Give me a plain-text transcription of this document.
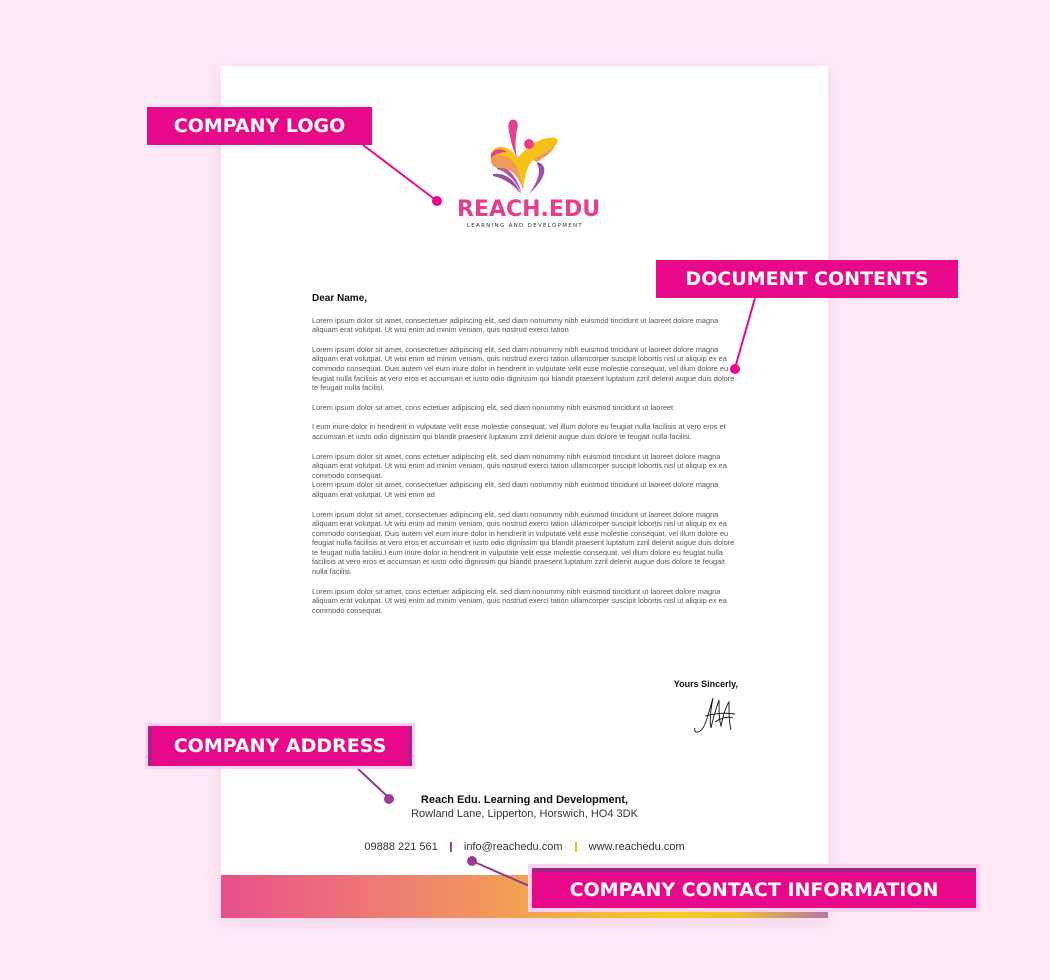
REACH.EDU
LEARNING AND DEVELOPMENT
Dear Name,

Lorem ipsum dolor sit amet, consectetuer adipiscing elit, sed diam nonummy nibh euismod tincidunt ut laoreet dolore magna aliquam erat volutpat. Ut wisi enim ad minim veniam, quis nostrud exerci tation

Lorem ipsum dolor sit amet, consectetuer adipiscing elit, sed diam nonummy nibh euismod tincidunt ut laoreet dolore magna aliquam erat volutpat. Ut wisi enim ad minim veniam, quis nostrud exerci tation ullamcorper suscipit lobortis nisl ut aliquip ex ea commodo consequat. Duis autem vel eum iriure dolor in hendrerit in vulputate velit esse molestie consequat, vel illum dolore eu feugiat nulla facilisis at vero eros et accumsan et iusto odio dignissim qui blandit praesent luptatum zzril delenit augue duis dolore te feugait nulla facilisi.

Lorem ipsum dolor sit amet, cons ectetuer adipiscing elit, sed diam nonummy nibh euismod tincidunt ut laoreet

I eum iriure dolor in hendrerit in vulputate velit esse molestie consequat, vel illum dolore eu feugiat nulla facilisis at vero eros et accumsan et iusto odio dignissim qui blandit praesent luptatum zzril delenit augue duis dolore te feugait nulla facilisi.

Lorem ipsum dolor sit amet, cons ectetuer adipiscing elit, sed diam nonummy nibh euismod tincidunt ut laoreet dolore magna aliquam erat volutpat. Ut wisi enim ad minim veniam, quis nostrud exerci tation ullamcorper suscipit lobortis nisl ut aliquip ex ea commodo consequat.

Lorem ipsum dolor sit amet, consectetuer adipiscing elit, sed diam nonummy nibh euismod tincidunt ut laoreet dolore magna aliquam erat volutpat. Ut wisi enim ad

Lorem ipsum dolor sit amet, consectetuer adipiscing elit, sed diam nonummy nibh euismod tincidunt ut laoreet dolore magna aliquam erat volutpat. Ut wisi enim ad minim veniam, quis nostrud exerci tation ullamcorper suscipit lobortis nisl ut aliquip ex ea commodo consequat. Duis autem vel eum iriure dolor in hendrerit in vulputate velit esse molestie consequat, vel illum dolore eu feugiat nulla facilisis at vero eros et accumsan et iusto odio dignissim qui blandit praesent luptatum zzril delenit augue duis dolore te feugait nulla facilisi.I eum iriure dolor in hendrerit in vulputate velit esse molestie consequat, vel illum dolore eu feugiat nulla facilisis at vero eros et accumsan et iusto odio dignissim qui blandit praesent luptatum zzril delenit augue duis dolore te feugait nulla facilisi.

Lorem ipsum dolor sit amet, cons ectetuer adipiscing elit, sed diam nonummy nibh euismod tincidunt ut laoreet dolore magna aliquam erat volutpat. Ut wisi enim ad minim veniam, quis nostrud exerci tation ullamcorper suscipit lobortis nisl ut aliquip ex ea commodo consequat.

Yours Sincerly,
Reach Edu. Learning and Development,
Rowland Lane, Lipperton, Horswich, HO4 3DK
09888 221 561 info@reachedu.com www.reachedu.com
COMPANY LOGO
DOCUMENT CONTENTS
COMPANY ADDRESS
COMPANY CONTACT INFORMATION
